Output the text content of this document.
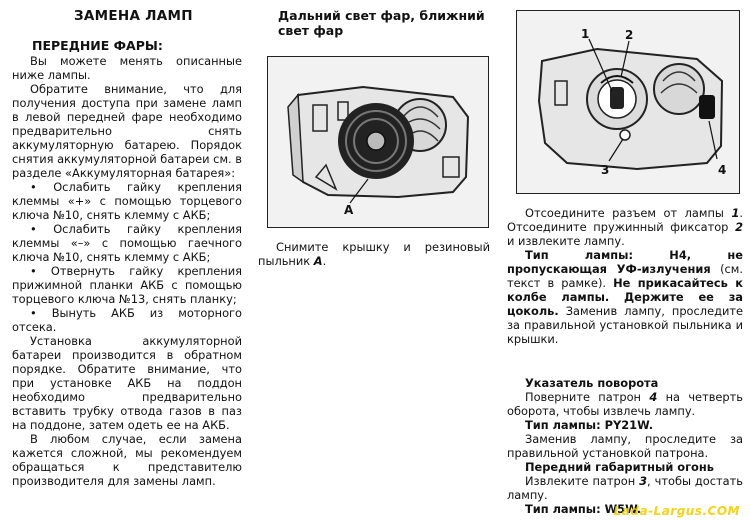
ЗАМЕНА ЛАМП
ПЕРЕДНИЕ ФАРЫ:

Вы можете менять описанные ниже лампы.

Обратите внимание, что для получения доступа при замене ламп в левой передней фаре необходимо предварительно снять аккумуляторную батарею. Порядок снятия аккумуляторной батареи см. в разделе «Аккумуляторная батарея»:

• Ослабить гайку крепления клеммы «+» с помощью торцевого ключа №10, снять клемму с АКБ;

• Ослабить гайку крепления клеммы «–» с помощью гаечного ключа №10, снять клемму с АКБ;

• Отвернуть гайку крепления прижимной планки АКБ с помощью торцевого ключа №13, снять планку;

• Вынуть АКБ из моторного отсека.

Установка аккумуляторной батареи производится в обратном порядке. Обратите внимание, что при установке АКБ на поддон необходимо предварительно вставить трубку отвода газов в паз на поддоне, затем одеть ее на АКБ.

В любом случае, если замена кажется сложной, мы рекомендуем обращаться к представителю производителя для замены ламп.

Дальний свет фар, ближний свет фар
A

Снимите крышку и резиновый пыльник A.

1	2
3	4

Отсоедините разъем от лампы 1. Отсоедините пружинный фиксатор 2 и извлеките лампу.

Тип лампы: H4, не пропускающая УФ-излучения (см. текст в рамке). Не прикасайтесь к колбе лампы. Держите ее за цоколь. Заменив лампу, проследите за правильной установкой пыльника и крышки.

Указатель поворота

Поверните патрон 4 на четверть оборота, чтобы извлечь лампу.

Тип лампы: PY21W.

Заменив лампу, проследите за правильной установкой патрона.

Передний габаритный огонь

Извлеките патрон 3, чтобы достать лампу.

Тип лампы: W5W.
Lada-Largus.COM
